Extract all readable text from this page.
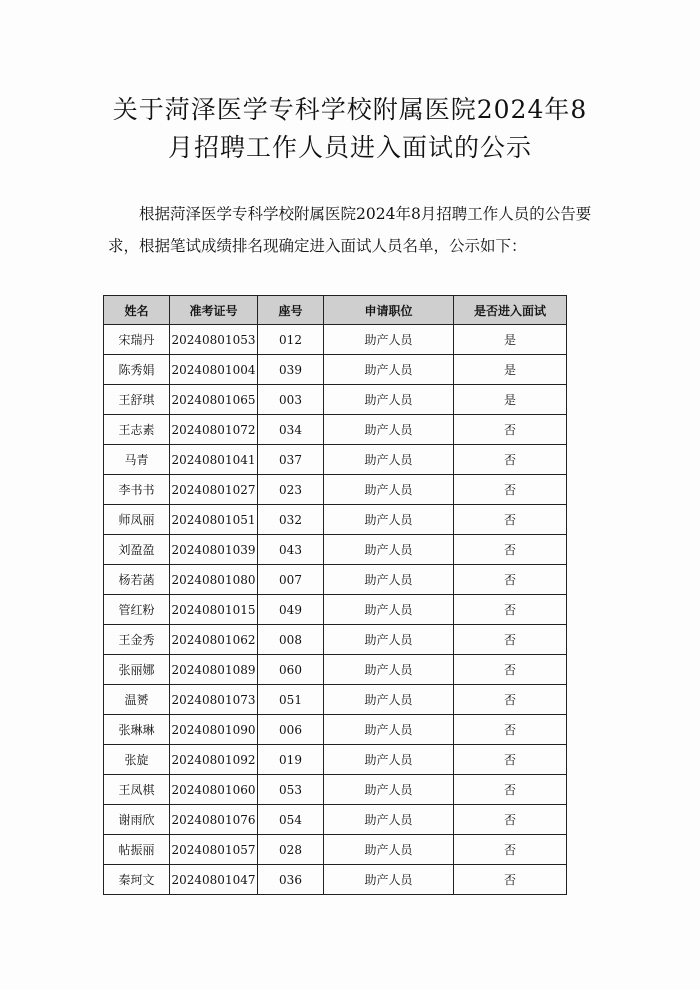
关于菏泽医学专科学校附属医院2024年8
月招聘工作人员进入面试的公示

根据菏泽医学专科学校附属医院2024年8月招聘工作人员的公告要求，根据笔试成绩排名现确定进入面试人员名单，公示如下：

姓名	准考证号	座号	申请职位	是否进入面试
宋瑞丹	20240801053	012	助产人员	是
陈秀娟	20240801004	039	助产人员	是
王舒琪	20240801065	003	助产人员	是
王志素	20240801072	034	助产人员	否
马青	20240801041	037	助产人员	否
李书书	20240801027	023	助产人员	否
师凤丽	20240801051	032	助产人员	否
刘盈盈	20240801039	043	助产人员	否
杨若菡	20240801080	007	助产人员	否
管红粉	20240801015	049	助产人员	否
王金秀	20240801062	008	助产人员	否
张丽娜	20240801089	060	助产人员	否
温赟	20240801073	051	助产人员	否
张琳琳	20240801090	006	助产人员	否
张旋	20240801092	019	助产人员	否
王凤棋	20240801060	053	助产人员	否
谢雨欣	20240801076	054	助产人员	否
帖振丽	20240801057	028	助产人员	否
秦珂文	20240801047	036	助产人员	否
